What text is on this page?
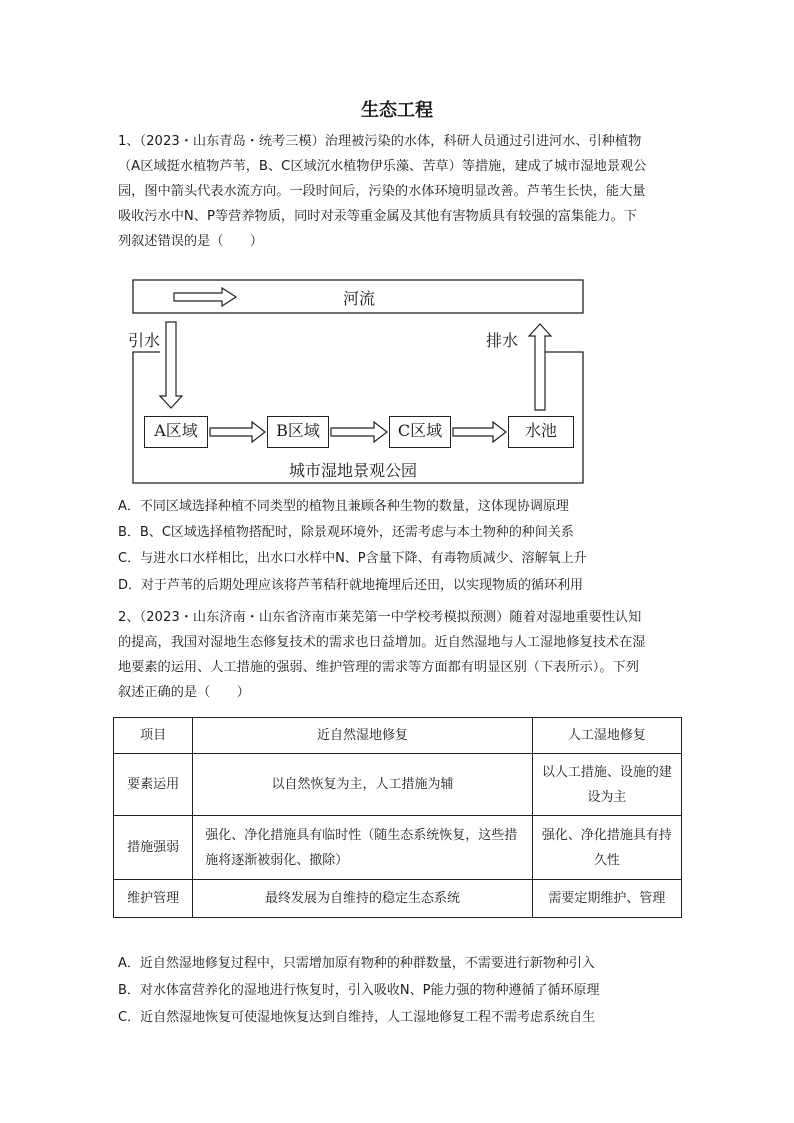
生态工程
1、（2023・山东青岛・统考三模）治理被污染的水体，科研人员通过引进河水、引种植物
（A区域挺水植物芦苇，B、C区域沉水植物伊乐藻、苦草）等措施，建成了城市湿地景观公
园，图中箭头代表水流方向。一段时间后，污染的水体环境明显改善。芦苇生长快，能大量
吸收污水中N、P等营养物质，同时对汞等重金属及其他有害物质具有较强的富集能力。下
列叙述错误的是（　　）
河流
引水	排水
A区域	B区域	C区域	水池
城市湿地景观公园
A．不同区域选择种植不同类型的植物且兼顾各种生物的数量，这体现协调原理
B．B、C区域选择植物搭配时，除景观环境外，还需考虑与本土物种的种间关系
C．与进水口水样相比，出水口水样中N、P含量下降、有毒物质减少、溶解氧上升
D．对于芦苇的后期处理应该将芦苇秸秆就地掩埋后还田，以实现物质的循环利用
2、（2023・山东济南・山东省济南市莱芜第一中学校考模拟预测）随着对湿地重要性认知
的提高，我国对湿地生态修复技术的需求也日益增加。近自然湿地与人工湿地修复技术在湿
地要素的运用、人工措施的强弱、维护管理的需求等方面都有明显区别（下表所示）。下列
叙述正确的是（　　）
项目	近自然湿地修复	人工湿地修复
要素运用	以自然恢复为主，人工措施为辅	以人工措施、设施的建设为主
措施强弱	强化、净化措施具有临时性（随生态系统恢复，这些措施将逐渐被弱化、撤除）	强化、净化措施具有持久性
维护管理	最终发展为自维持的稳定生态系统	需要定期维护、管理
A．近自然湿地修复过程中，只需增加原有物种的种群数量，不需要进行新物种引入
B．对水体富营养化的湿地进行恢复时，引入吸收N、P能力强的物种遵循了循环原理
C．近自然湿地恢复可使湿地恢复达到自维持，人工湿地修复工程不需考虑系统自生
